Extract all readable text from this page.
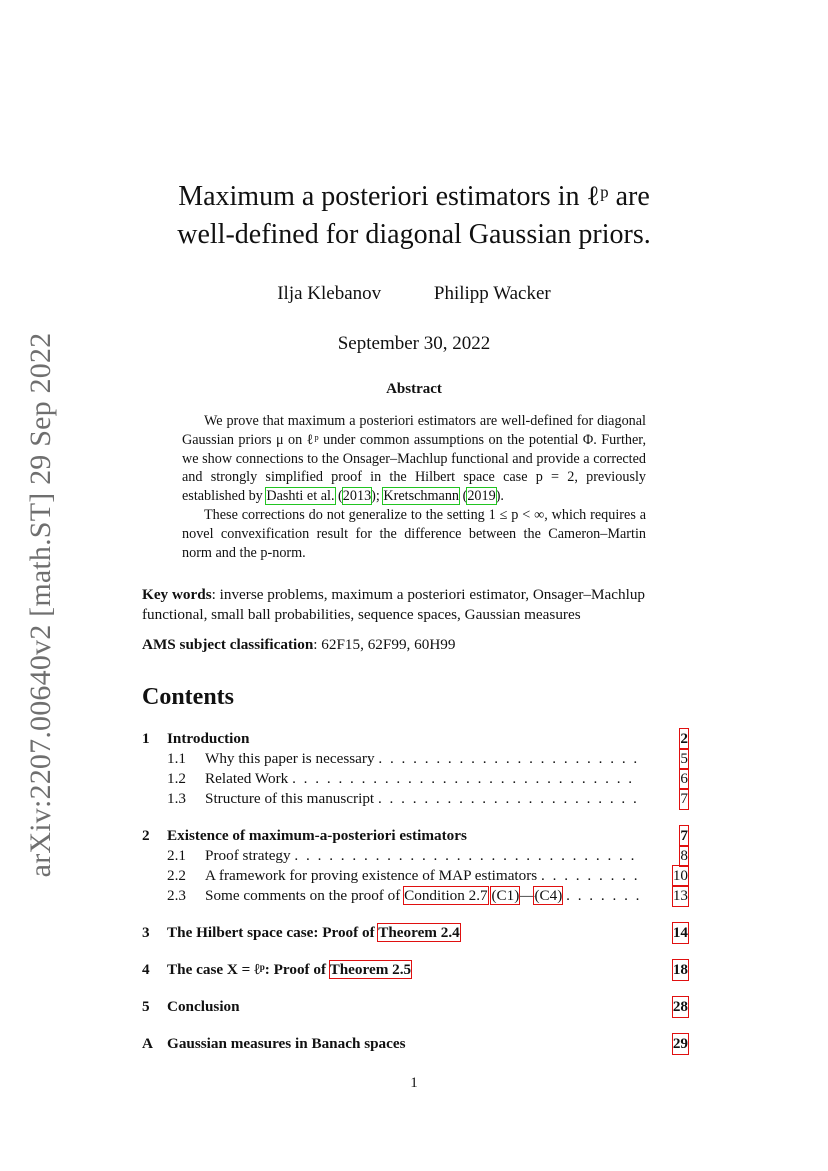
arXiv:2207.00640v2 [math.ST] 29 Sep 2022
Maximum a posteriori estimators in ℓᵖ are
well-defined for diagonal Gaussian priors.
Ilja Klebanov	Philipp Wacker
September 30, 2022
Abstract

We prove that maximum a posteriori estimators are well-defined for diagonal Gaussian priors μ on ℓᵖ under common assumptions on the potential Φ. Further, we show connections to the Onsager–Machlup functional and provide a corrected and strongly simplified proof in the Hilbert space case p = 2, previously established by Dashti et al. (2013); Kretschmann (2019).

These corrections do not generalize to the setting 1 ≤ p < ∞, which requires a novel convexification result for the difference between the Cameron–Martin norm and the p-norm.

Key words: inverse problems, maximum a posteriori estimator, Onsager–Machlup functional, small ball probabilities, sequence spaces, Gaussian measures
AMS subject classification: 62F15, 62F99, 60H99
Contents
1 Introduction	2
1.1 Why this paper is necessary . . .	5
1.2 Related Work . . .	6
1.3 Structure of this manuscript . . .	7
2 Existence of maximum-a-posteriori estimators	7
2.1 Proof strategy . . .	8
2.2 A framework for proving existence of MAP estimators . . .	10
2.3 Some comments on the proof of Condition 2.7 (C1)—(C4) . . .	13
3 The Hilbert space case: Proof of Theorem 2.4	14
4 The case X = ℓᵖ: Proof of Theorem 2.5	18
5 Conclusion	28
A Gaussian measures in Banach spaces	29
1
